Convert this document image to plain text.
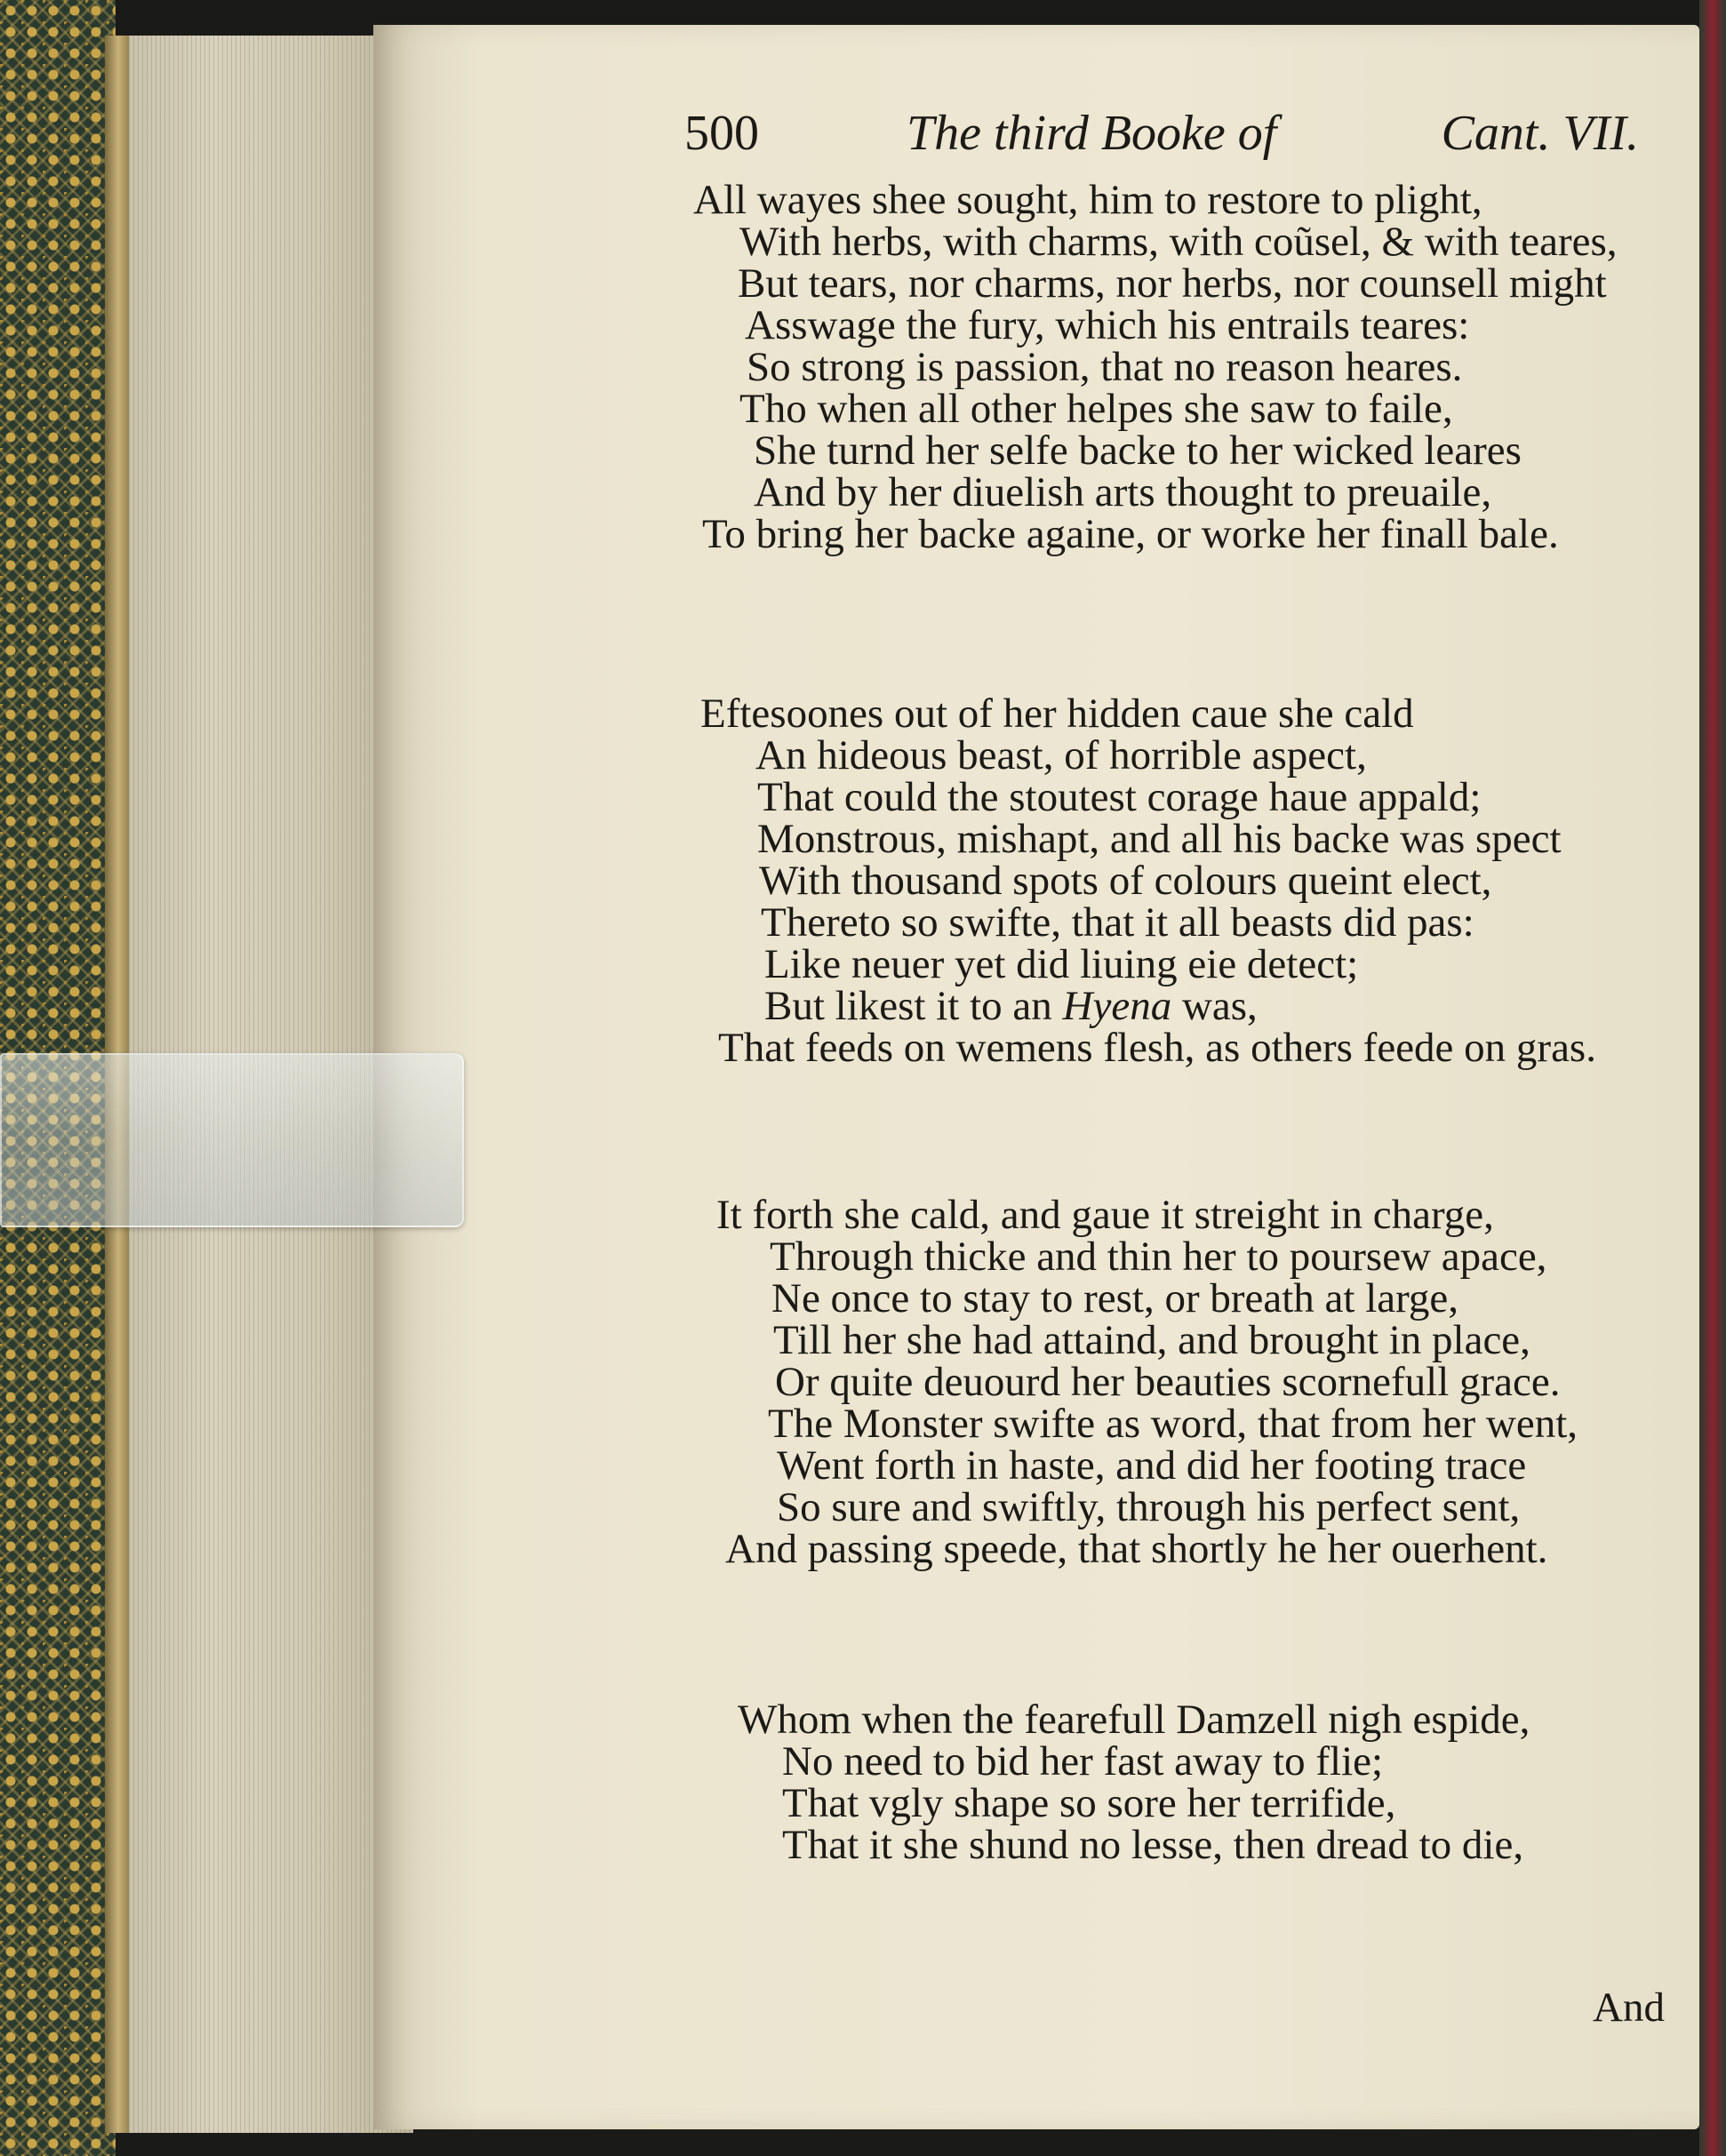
500	The third Booke of	Cant. VII.
All wayes shee sought, him to restore to plight,
With herbs, with charms, with coũsel, & with teares,
But tears, nor charms, nor herbs, nor counsell might
Asswage the fury, which his entrails teares:
So strong is passion, that no reason heares.
Tho when all other helpes she saw to faile,
She turnd her selfe backe to her wicked leares
And by her diuelish arts thought to preuaile,
To bring her backe againe, or worke her finall bale.
Eftesoones out of her hidden caue she cald
An hideous beast, of horrible aspect,
That could the stoutest corage haue appald;
Monstrous, mishapt, and all his backe was spect
With thousand spots of colours queint elect,
Thereto so swifte, that it all beasts did pas:
Like neuer yet did liuing eie detect;
But likest it to an Hyena was,
That feeds on wemens flesh, as others feede on gras.
It forth she cald, and gaue it streight in charge,
Through thicke and thin her to poursew apace,
Ne once to stay to rest, or breath at large,
Till her she had attaind, and brought in place,
Or quite deuourd her beauties scornefull grace.
The Monster swifte as word, that from her went,
Went forth in haste, and did her footing trace
So sure and swiftly, through his perfect sent,
And passing speede, that shortly he her ouerhent.
Whom when the fearefull Damzell nigh espide,
No need to bid her fast away to flie;
That vgly shape so sore her terrifide,
That it she shund no lesse, then dread to die,
And
